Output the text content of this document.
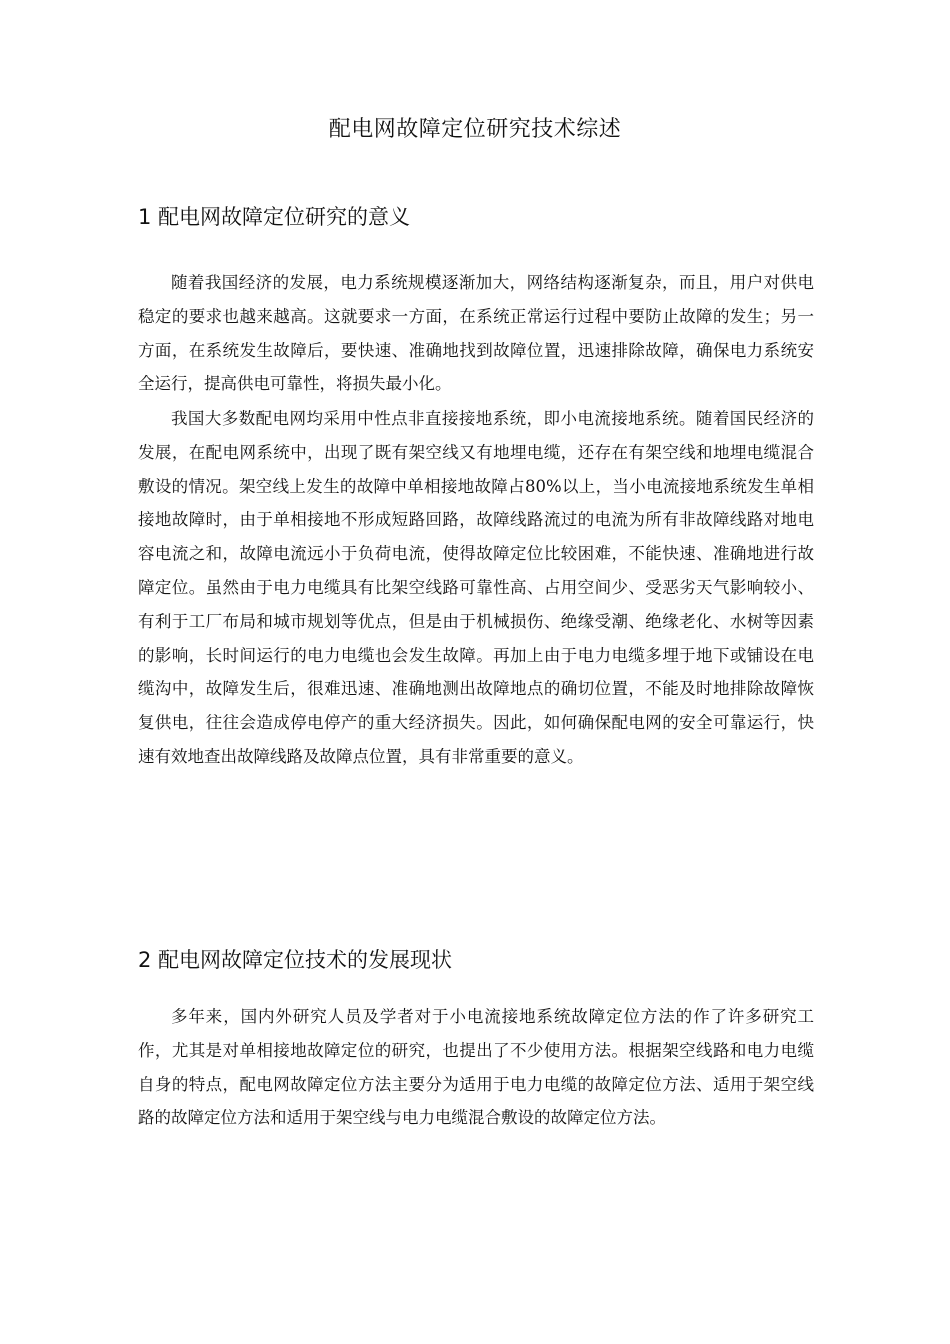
配电网故障定位研究技术综述
1 配电网故障定位研究的意义

随着我国经济的发展，电力系统规模逐渐加大，网络结构逐渐复杂，而且，用户对供电稳定的要求也越来越高。这就要求一方面，在系统正常运行过程中要防止故障的发生；另一方面，在系统发生故障后，要快速、准确地找到故障位置，迅速排除故障，确保电力系统安全运行，提高供电可靠性，将损失最小化。

我国大多数配电网均采用中性点非直接接地系统，即小电流接地系统。随着国民经济的发展，在配电网系统中，出现了既有架空线又有地埋电缆，还存在有架空线和地埋电缆混合敷设的情况。架空线上发生的故障中单相接地故障占80%以上，当小电流接地系统发生单相接地故障时，由于单相接地不形成短路回路，故障线路流过的电流为所有非故障线路对地电容电流之和，故障电流远小于负荷电流，使得故障定位比较困难，不能快速、准确地进行故障定位。虽然由于电力电缆具有比架空线路可靠性高、占用空间少、受恶劣天气影响较小、有利于工厂布局和城市规划等优点，但是由于机械损伤、绝缘受潮、绝缘老化、水树等因素的影响，长时间运行的电力电缆也会发生故障。再加上由于电力电缆多埋于地下或铺设在电缆沟中，故障发生后，很难迅速、准确地测出故障地点的确切位置，不能及时地排除故障恢复供电，往往会造成停电停产的重大经济损失。因此，如何确保配电网的安全可靠运行，快速有效地查出故障线路及故障点位置，具有非常重要的意义。

2 配电网故障定位技术的发展现状

多年来，国内外研究人员及学者对于小电流接地系统故障定位方法的作了许多研究工作，尤其是对单相接地故障定位的研究，也提出了不少使用方法。根据架空线路和电力电缆自身的特点，配电网故障定位方法主要分为适用于电力电缆的故障定位方法、适用于架空线路的故障定位方法和适用于架空线与电力电缆混合敷设的故障定位方法。
